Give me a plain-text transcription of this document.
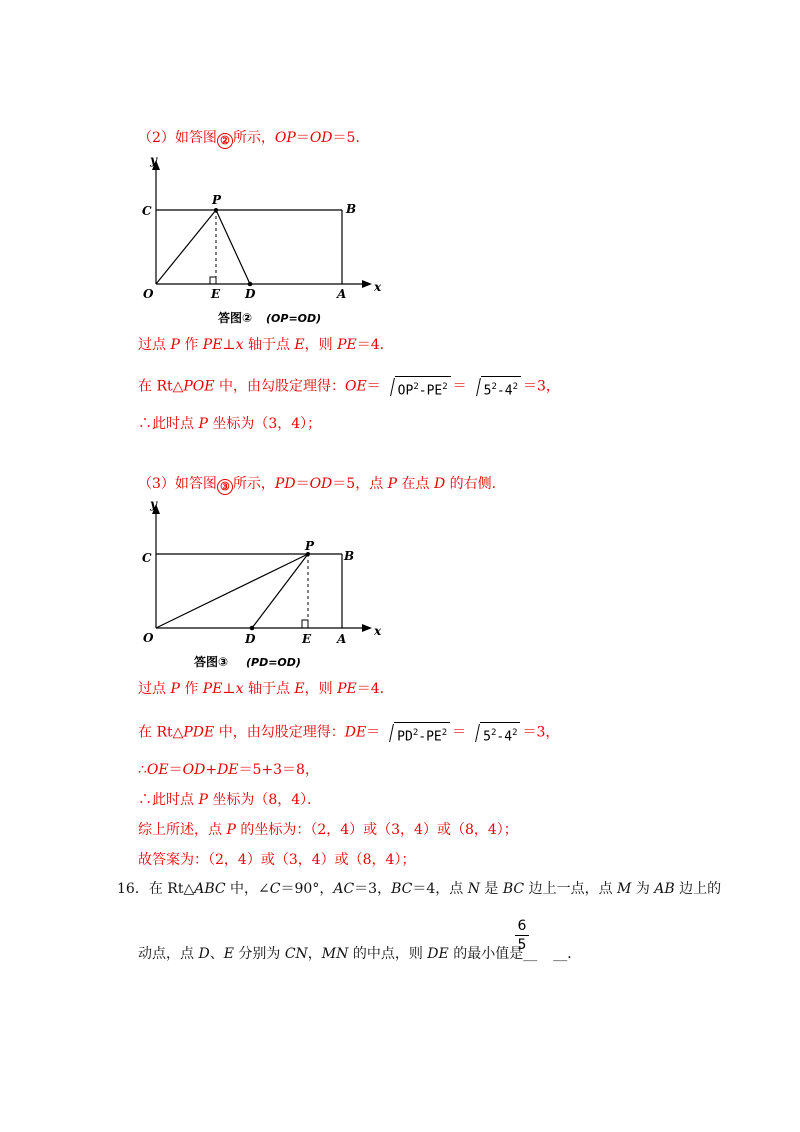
（2）如答图 ② 所示，OP＝OD＝5．
y
C	B
P
O	E D	A x
答图② (OP=OD)
过点 P 作 PE⊥x 轴于点 E，则 PE＝4．
在 Rt△POE 中，由勾股定理得：$OE= OP^2-PE^2 = 5^2-4^2 =3$，
∴此时点 P 坐标为（3，4）；
（3）如答图 ③ 所示，PD＝OD＝5，点 P 在点 D 的右侧．
y
C	B
P
O	D	E A
x
答图③ (PD=OD)
过点 P 作 PE⊥x 轴于点 E，则 PE＝4．
在 Rt△PDE 中，由勾股定理得：$DE= PD^2-PE^2 = 5^2-4^2 =3$，
∴OE＝OD+DE＝5+3＝8，
∴此时点 P 坐标为（8，4）．
综上所述，点 P 的坐标为：（2，4）或（3，4）或（8，4）；
故答案为：（2，4）或（3，4）或（8，4）；
16．在 Rt△ABC 中，∠C＝90°，AC＝3，BC＝4，点 N 是 BC 边上一点，点 M 为 AB 边上的
动点，点 D、E 分别为 CN，MN 的中点，则 DE 的最小值是__ __．
6
5
